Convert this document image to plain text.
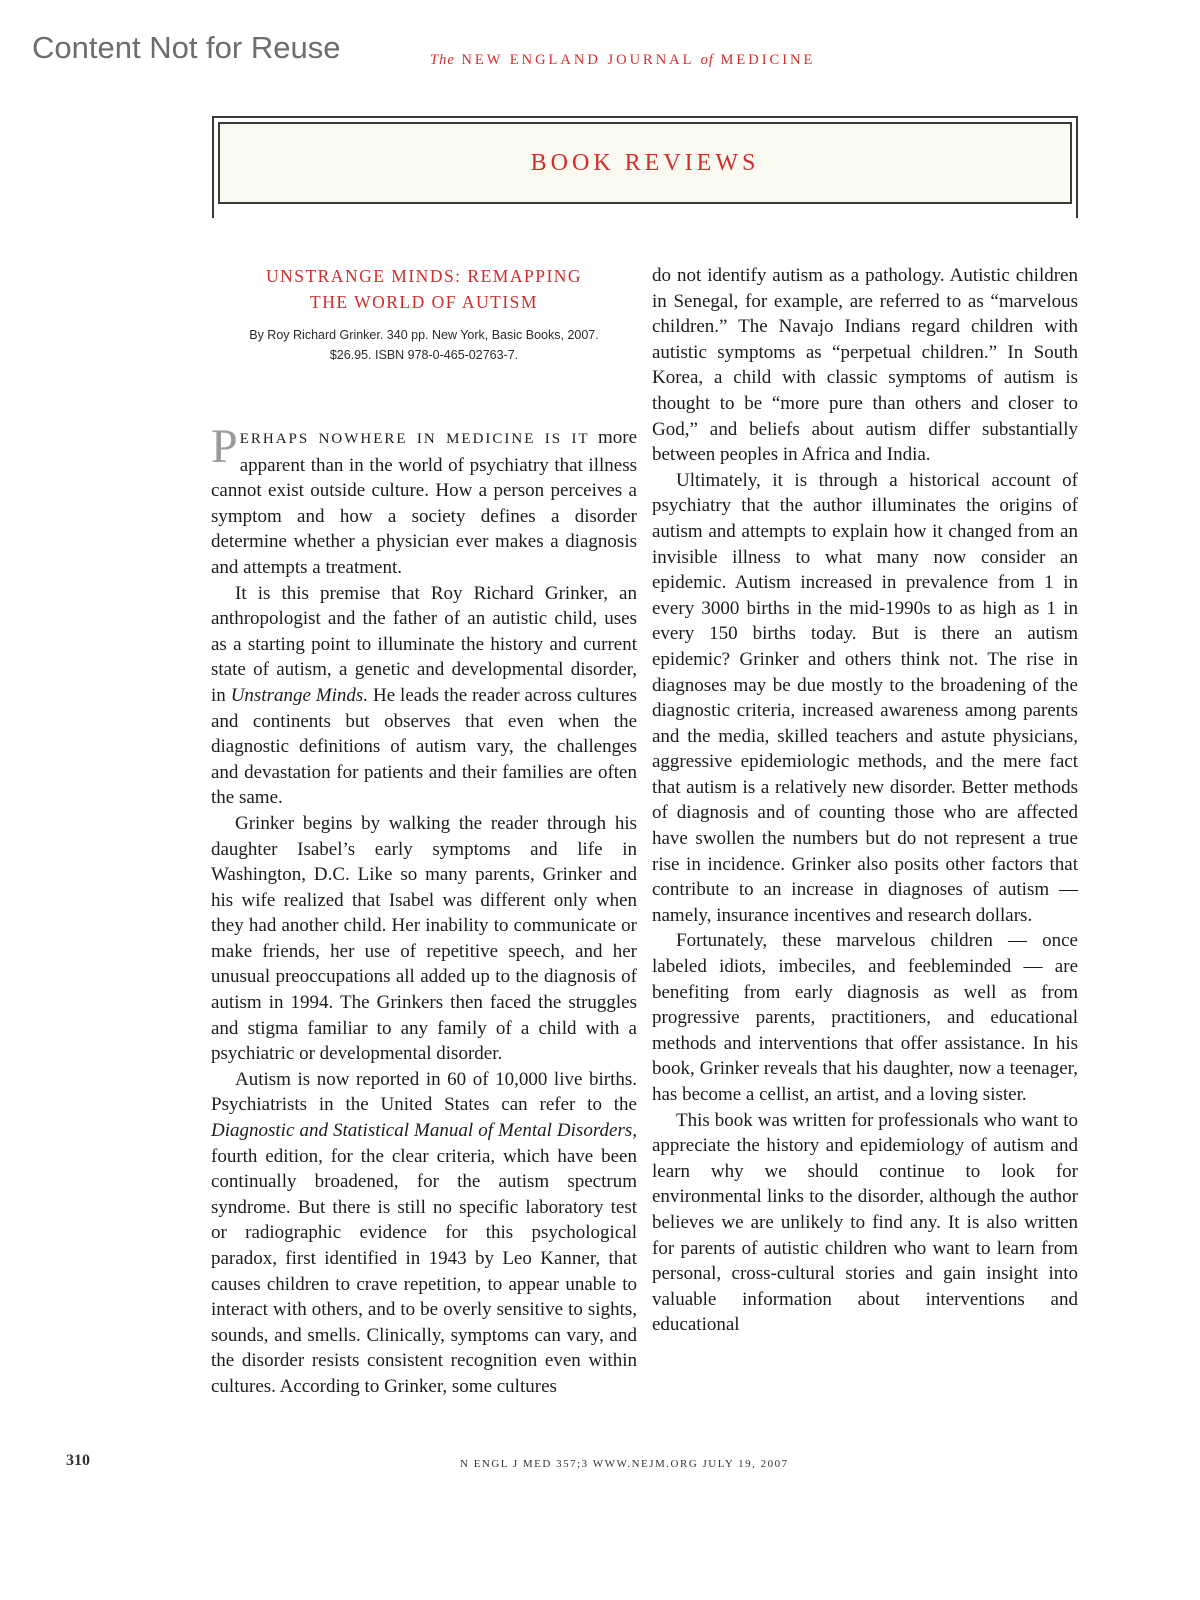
Content Not for Reuse	The NEW ENGLAND JOURNAL of MEDICINE
BOOK REVIEWS
UNSTRANGE MINDS: REMAPPING
THE WORLD OF AUTISM
By Roy Richard Grinker. 340 pp. New York, Basic Books, 2007.
$26.95. ISBN 978-0-465-02763-7.

PERHAPS NOWHERE IN MEDICINE IS IT more apparent than in the world of psychiatry that illness cannot exist outside culture. How a person perceives a symptom and how a society defines a disorder determine whether a physician ever makes a diagnosis and attempts a treatment.

It is this premise that Roy Richard Grinker, an anthropologist and the father of an autistic child, uses as a starting point to illuminate the history and current state of autism, a genetic and developmental disorder, in Unstrange Minds. He leads the reader across cultures and continents but observes that even when the diagnostic definitions of autism vary, the challenges and devastation for patients and their families are often the same.

Grinker begins by walking the reader through his daughter Isabel’s early symptoms and life in Washington, D.C. Like so many parents, Grinker and his wife realized that Isabel was different only when they had another child. Her inability to communicate or make friends, her use of repetitive speech, and her unusual preoccupations all added up to the diagnosis of autism in 1994. The Grinkers then faced the struggles and stigma familiar to any family of a child with a psychiatric or developmental disorder.

Autism is now reported in 60 of 10,000 live births. Psychiatrists in the United States can refer to the Diagnostic and Statistical Manual of Mental Disorders, fourth edition, for the clear criteria, which have been continually broadened, for the autism spectrum syndrome. But there is still no specific laboratory test or radiographic evidence for this psychological paradox, first identified in 1943 by Leo Kanner, that causes children to crave repetition, to appear unable to interact with others, and to be overly sensitive to sights, sounds, and smells. Clinically, symptoms can vary, and the disorder resists consistent recognition even within cultures. According to Grinker, some cultures

do not identify autism as a pathology. Autistic children in Senegal, for example, are referred to as “marvelous children.” The Navajo Indians regard children with autistic symptoms as “perpetual children.” In South Korea, a child with classic symptoms of autism is thought to be “more pure than others and closer to God,” and beliefs about autism differ substantially between peoples in Africa and India.

Ultimately, it is through a historical account of psychiatry that the author illuminates the origins of autism and attempts to explain how it changed from an invisible illness to what many now consider an epidemic. Autism increased in prevalence from 1 in every 3000 births in the mid-1990s to as high as 1 in every 150 births today. But is there an autism epidemic? Grinker and others think not. The rise in diagnoses may be due mostly to the broadening of the diagnostic criteria, increased awareness among parents and the media, skilled teachers and astute physicians, aggressive epidemiologic methods, and the mere fact that autism is a relatively new disorder. Better methods of diagnosis and of counting those who are affected have swollen the numbers but do not represent a true rise in incidence. Grinker also posits other factors that contribute to an increase in diagnoses of autism — namely, insurance incentives and research dollars.

Fortunately, these marvelous children — once labeled idiots, imbeciles, and feebleminded — are benefiting from early diagnosis as well as from progressive parents, practitioners, and educational methods and interventions that offer assistance. In his book, Grinker reveals that his daughter, now a teenager, has become a cellist, an artist, and a loving sister.

This book was written for professionals who want to appreciate the history and epidemiology of autism and learn why we should continue to look for environmental links to the disorder, although the author believes we are unlikely to find any. It is also written for parents of autistic children who want to learn from personal, cross-cultural stories and gain insight into valuable information about interventions and educational

310	N ENGL J MED 357;3 WWW.NEJM.ORG JULY 19, 2007
